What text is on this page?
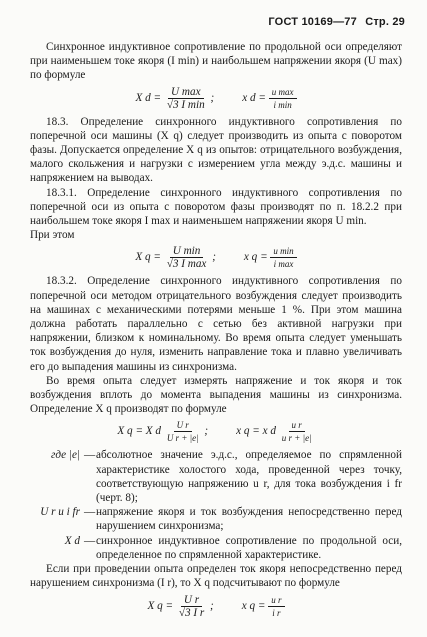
ГОСТ 10169—77 Стр. 29

Синхронное индуктивное сопротивление по продольной оси определяют при наименьшем токе якоря (I min) и наибольшем напряжении якоря (U max) по формуле

X $d = \frac{\text{U max}}{\text{√3 I min}}$ ;	x $d = \frac{\text{u max}}{\text{i min}}$

18.3. Определение синхронного индуктивного сопротивления по поперечной оси машины (X q) следует производить из опыта с поворотом фазы. Допускается определение X q из опытов: отрицательного возбуждения, малого скольжения и нагрузки с измерением угла между э.д.с. машины и напряжением на выводах.

18.3.1. Определение синхронного индуктивного сопротивления по поперечной оси из опыта с поворотом фазы производят по п. 18.2.2 при наибольшем токе якоря I max и наименьшем напряжении якоря U min.

При этом

X $q = \frac{\text{U min}}{\text{√3 I max}}$ ;	x $q = \frac{\text{u min}}{\text{i max}}$

18.3.2. Определение синхронного индуктивного сопротивления по поперечной оси методом отрицательного возбуждения следует производить на машинах с механическими потерями меньше 1 %. При этом машина должна работать параллельно с сетью без активной нагрузки при напряжении, близком к номинальному. Во время опыта следует уменьшать ток возбуждения до нуля, изменить направление тока и плавно увеличивать его до выпадения машины из синхронизма.

Во время опыта следует измерять напряжение и ток якоря и ток возбуждения вплоть до момента выпадения машины из синхронизма. Определение X q производят по формуле

X q = X d $\frac{\text{U r}}{\text{U r + |e|}}$ ;	x q = x d $\frac{\text{u r}}{\text{u r + |e|}}$
где |e| — абсолютное значение э.д.с., определяемое по спрямленной характеристике холостого хода, проведенной через точку, соответствующую напряжению u r, для тока возбуждения i fr (черт. 8);
U r и i fr — напряжение якоря и ток возбуждения непосредственно перед нарушением синхронизма;
X d — синхронное индуктивное сопротивление по продольной оси, определенное по спрямленной характеристике.

Если при проведении опыта определен ток якоря непосредственно перед нарушением синхронизма (I r), то X q подсчитывают по формуле

X $q = \frac{\text{U r}}{\text{√3 I r}}$ ;	x $q = \frac{\text{u r}}{\text{i r}}$
